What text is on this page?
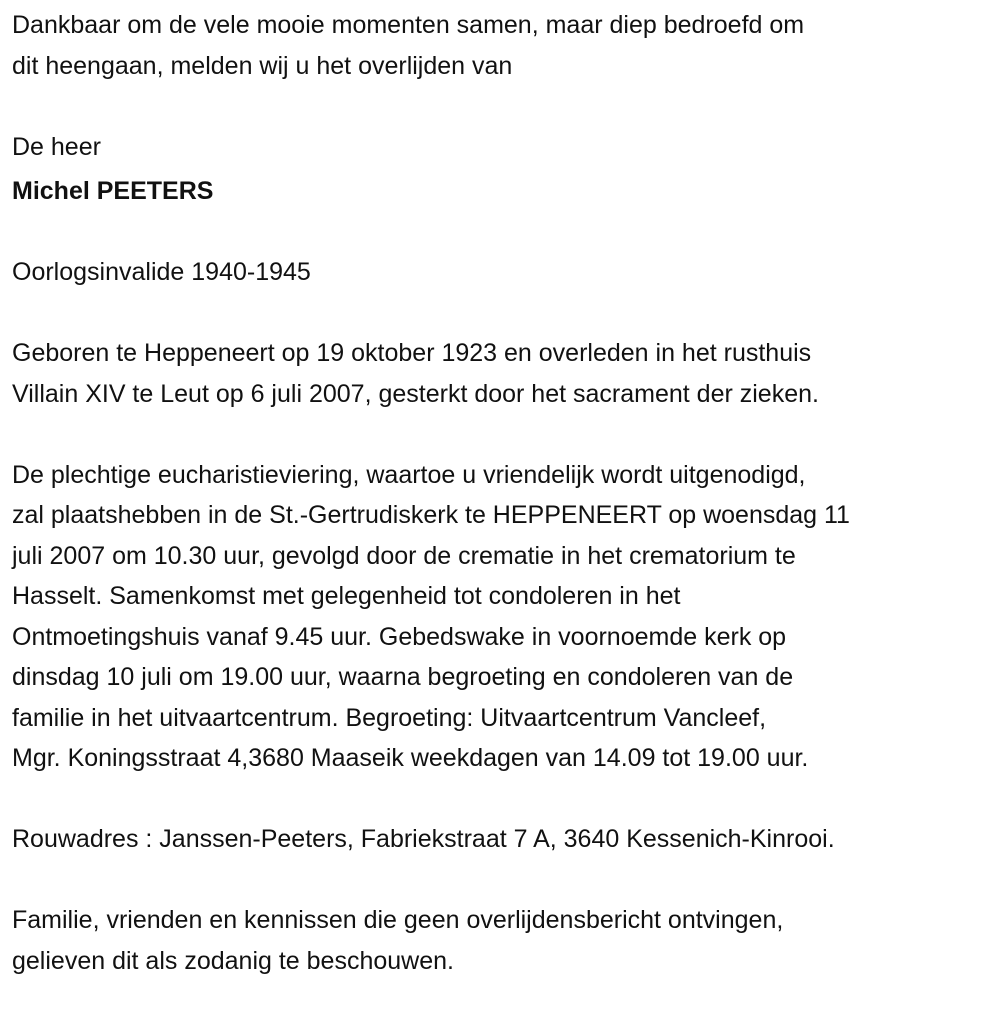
Dankbaar om de vele mooie momenten samen, maar diep bedroefd om
dit heengaan, melden wij u het overlijden van
De heer
Michel PEETERS
Oorlogsinvalide 1940-1945
Geboren te Heppeneert op 19 oktober 1923 en overleden in het rusthuis
Villain XIV te Leut op 6 juli 2007, gesterkt door het sacrament der zieken.
De plechtige eucharistieviering, waartoe u vriendelijk wordt uitgenodigd,
zal plaatshebben in de St.-Gertrudiskerk te HEPPENEERT op woensdag 11
juli 2007 om 10.30 uur, gevolgd door de crematie in het crematorium te
Hasselt. Samenkomst met gelegenheid tot condoleren in het
Ontmoetingshuis vanaf 9.45 uur. Gebedswake in voornoemde kerk op
dinsdag 10 juli om 19.00 uur, waarna begroeting en condoleren van de
familie in het uitvaartcentrum. Begroeting: Uitvaartcentrum Vancleef,
Mgr. Koningsstraat 4,3680 Maaseik weekdagen van 14.09 tot 19.00 uur.
Rouwadres : Janssen-Peeters, Fabriekstraat 7 A, 3640 Kessenich-Kinrooi.
Familie, vrienden en kennissen die geen overlijdensbericht ontvingen,
gelieven dit als zodanig te beschouwen.
